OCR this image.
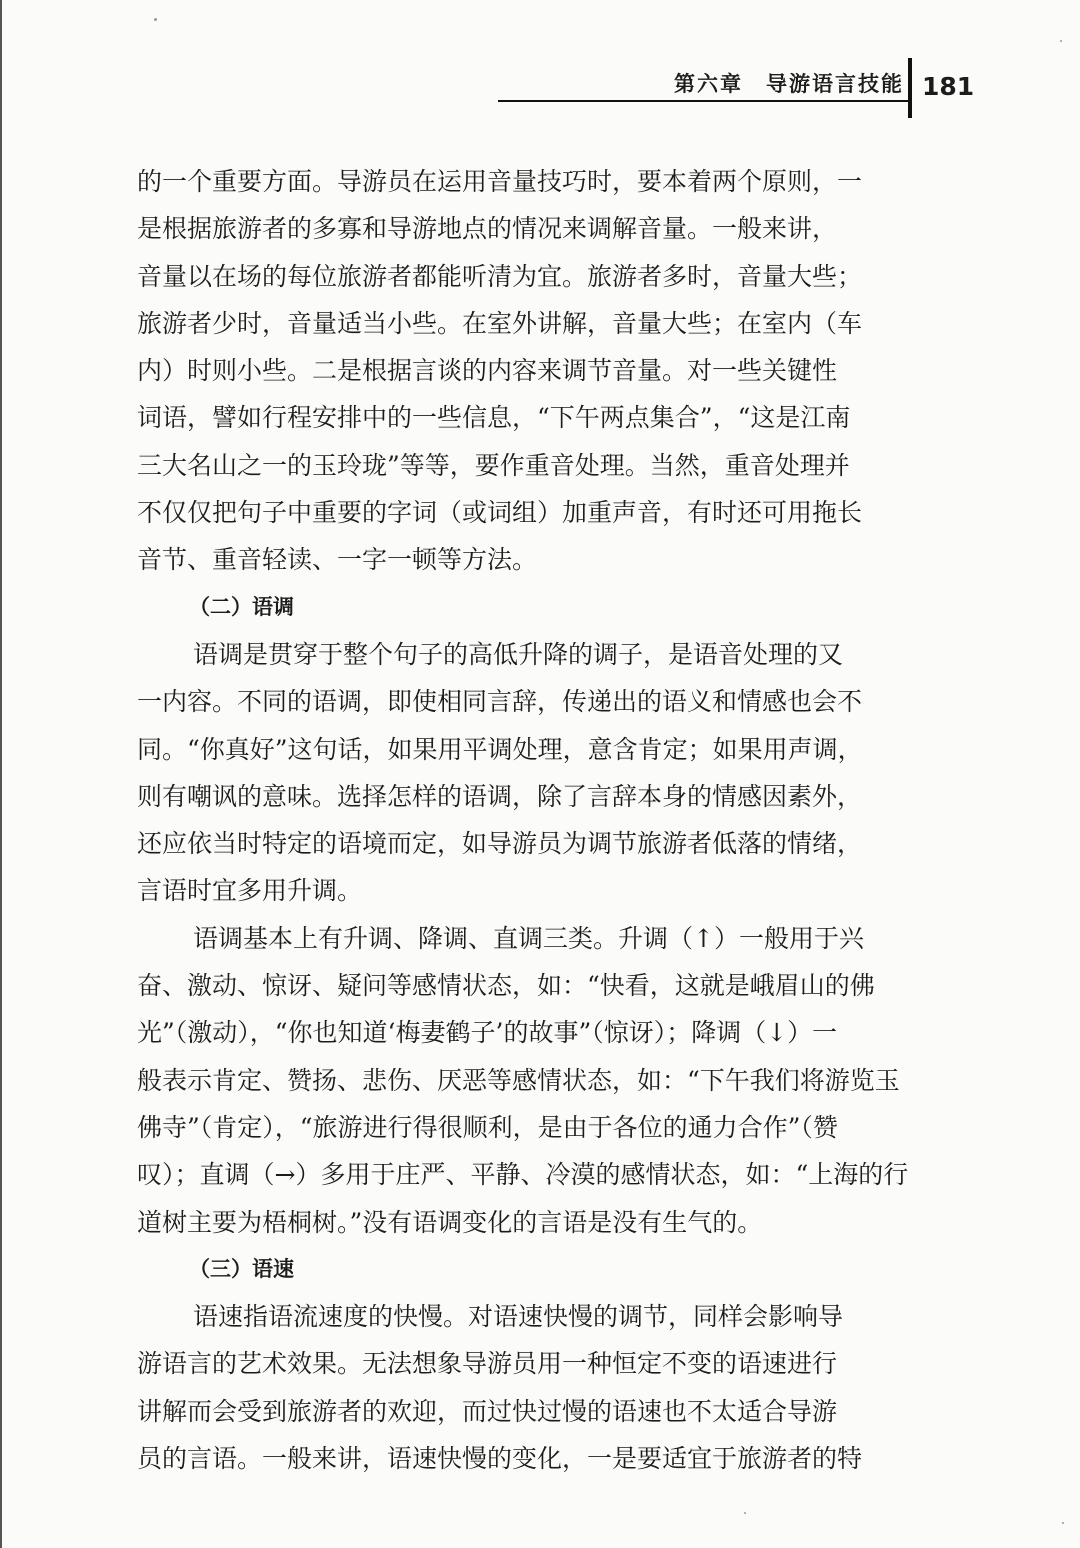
第六章　导游语言技能 181
的一个重要方面。导游员在运用音量技巧时，要本着两个原则，一
是根据旅游者的多寡和导游地点的情况来调解音量。一般来讲，
音量以在场的每位旅游者都能听清为宜。旅游者多时，音量大些；
旅游者少时，音量适当小些。在室外讲解，音量大些；在室内（车
内）时则小些。二是根据言谈的内容来调节音量。对一些关键性
词语，譬如行程安排中的一些信息，“下午两点集合”，“这是江南
三大名山之一的玉玲珑”等等，要作重音处理。当然，重音处理并
不仅仅把句子中重要的字词（或词组）加重声音，有时还可用拖长
音节、重音轻读、一字一顿等方法。
（二）语调
语调是贯穿于整个句子的高低升降的调子，是语音处理的又
一内容。不同的语调，即使相同言辞，传递出的语义和情感也会不
同。“你真好”这句话，如果用平调处理，意含肯定；如果用声调，
则有嘲讽的意味。选择怎样的语调，除了言辞本身的情感因素外，
还应依当时特定的语境而定，如导游员为调节旅游者低落的情绪，
言语时宜多用升调。
语调基本上有升调、降调、直调三类。升调（↑）一般用于兴
奋、激动、惊讶、疑问等感情状态，如：“快看，这就是峨眉山的佛
光”（激动），“你也知道‘梅妻鹤子’的故事”（惊讶）；降调（↓）一
般表示肯定、赞扬、悲伤、厌恶等感情状态，如：“下午我们将游览玉
佛寺”（肯定），“旅游进行得很顺利，是由于各位的通力合作”（赞
叹）；直调（→）多用于庄严、平静、冷漠的感情状态，如：“上海的行
道树主要为梧桐树。”没有语调变化的言语是没有生气的。
（三）语速
语速指语流速度的快慢。对语速快慢的调节，同样会影响导
游语言的艺术效果。无法想象导游员用一种恒定不变的语速进行
讲解而会受到旅游者的欢迎，而过快过慢的语速也不太适合导游
员的言语。一般来讲，语速快慢的变化，一是要适宜于旅游者的特
